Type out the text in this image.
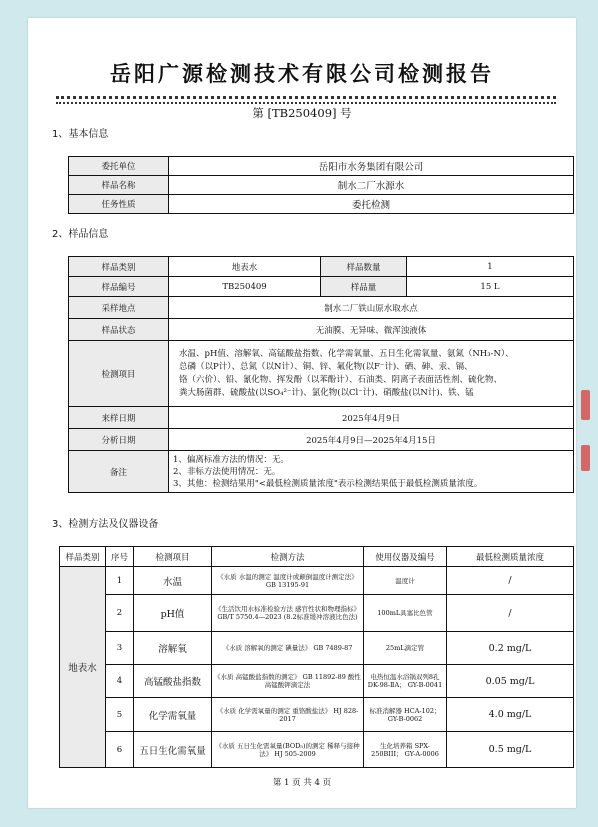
岳阳广源检测技术有限公司检测报告
第 [TB250409] 号
1、基本信息
委托单位	岳阳市水务集团有限公司
样品名称	制水二厂水源水
任务性质	委托检测
2、样品信息
样品类别	地表水	样品数量	1
样品编号	TB250409	样品量	15 L
采样地点	制水二厂铁山原水取水点		
样品状态	无油膜、无异味、微浑浊液体		
检测项目	水温、pH值、溶解氧、高锰酸盐指数、化学需氧量、五日生化需氧量、氨氮（NH₃-N）、
总磷（以P计）、总氮（以N计）、铜、锌、氟化物(以F⁻计)、硒、砷、汞、镉、
铬（六价）、铅、氰化物、挥发酚（以苯酚计）、石油类、阴离子表面活性剂、硫化物、
粪大肠菌群、硫酸盐(以SO₄²⁻计)、氯化物(以Cl⁻计)、硝酸盐(以N计)、铁、锰		

来样日期	2025年4月9日		
分析日期	2025年4月9日—2025年4月15日		
备注	1、偏离标准方法的情况：无。
2、非标方法使用情况：无。
3、其他：检测结果用"<最低检测质量浓度"表示检测结果低于最低检测质量浓度。		
3、检测方法及仪器设备
样品类别	序号	检测项目	检测方法	使用仪器及编号	最低检测质量浓度
地表水	1	水温	《水质 水温的测定 温度计或颠倒温度计测定法》 GB 13195-91	温度计	/
	2	pH值	《生活饮用水标准检验方法 感官性状和物理指标》GB/T 5750.4—2023 (8.2标准缓冲溶液比色法)	100mL具塞比色管	/
	3	溶解氧	《水质 溶解氧的测定 碘量法》 GB 7489-87	25mL滴定管	0.2 mg/L
	4	高锰酸盐指数	《水质 高锰酸盐指数的测定》 GB 11892-89 酸性高锰酸钾滴定法	电热恒温水浴锅双列8孔 DK-98-ⅡA； GY-B-0041	0.05 mg/L
	5	化学需氧量	《水质 化学需氧量的测定 重铬酸盐法》 HJ 828-2017	标准消解器 HCA-102； GY-B-0062	4.0 mg/L
	6	五日生化需氧量	《水质 五日生化需氧量(BOD₅)的测定 稀释与接种法》 HJ 505-2009	生化培养箱 SPX-250BIII； GY-A-0006	0.5 mg/L
第 1 页 共 4 页
